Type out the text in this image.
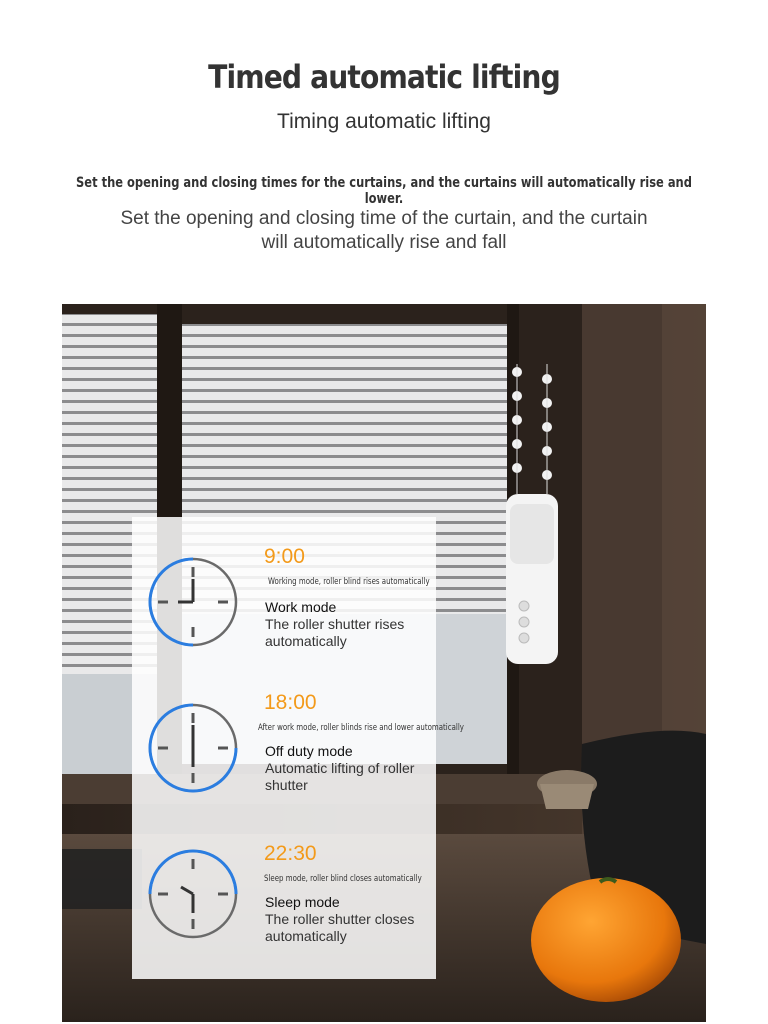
Timed automatic lifting
Timing automatic lifting
Set the opening and closing times for the curtains, and the curtains will automatically rise and lower.
Set the opening and closing time of the curtain, and the curtain will automatically rise and fall
9:00
Working mode, roller blind rises automatically
Work mode
The roller shutter rises automatically
18:00
After work mode, roller blinds rise and lower automatically
Off duty mode
Automatic lifting of roller shutter
22:30
Sleep mode, roller blind closes automatically
Sleep mode
The roller shutter closes automatically
